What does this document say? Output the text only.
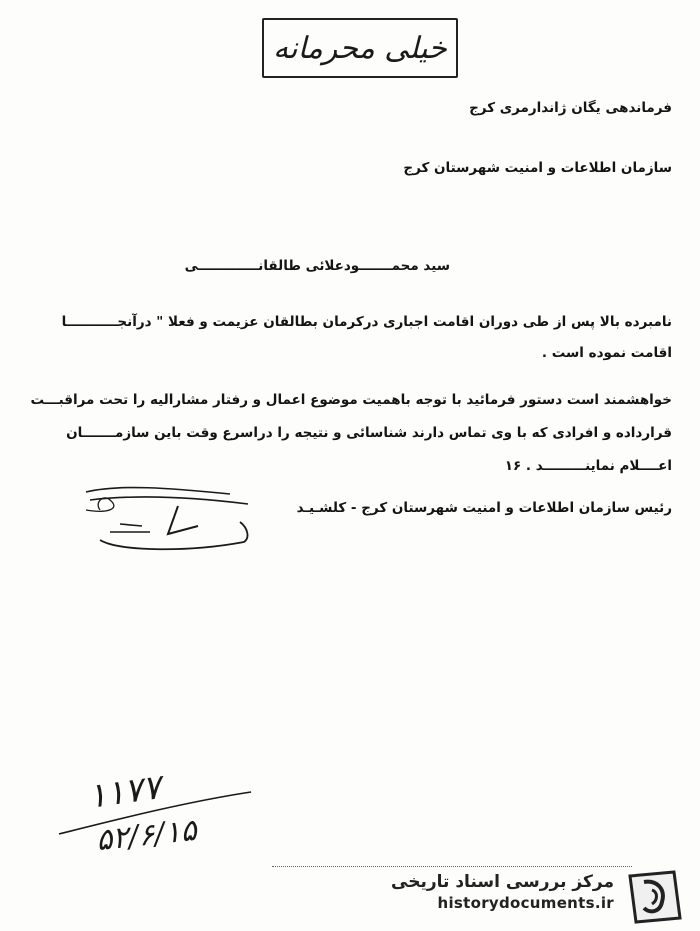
خیلی محرمانه
فرماندهی یگان ژاندارمری کرج
سازمان اطلاعات و امنیت شهرستان کرج
سید محمـــــــودعلائی طالقانـــــــــــــی
نامبرده بالا پس از طی دوران اقامت اجباری درکرمان بطالقان عزیمت و فعلا " درآنجـــــــــــا
اقامت نموده است .
خواهشمند است دستور فرمائید با توجه باهمیت موضوع اعمال و رفتار مشارالیه را تحت مراقبـــت
قرارداده و افرادی که با وی تماس دارند شناسائی و نتیجه را دراسرع وقت باین سازمـــــــان
اعــــلام نماینـــــــــد . ۱۶
رئیس سازمان اطلاعات و امنیت شهرستان کرج - کلشـیـد
۱۱۷۷
۵۲/۶/۱۵
مرکز بررسی اسناد تاریخی
historydocuments.ir
